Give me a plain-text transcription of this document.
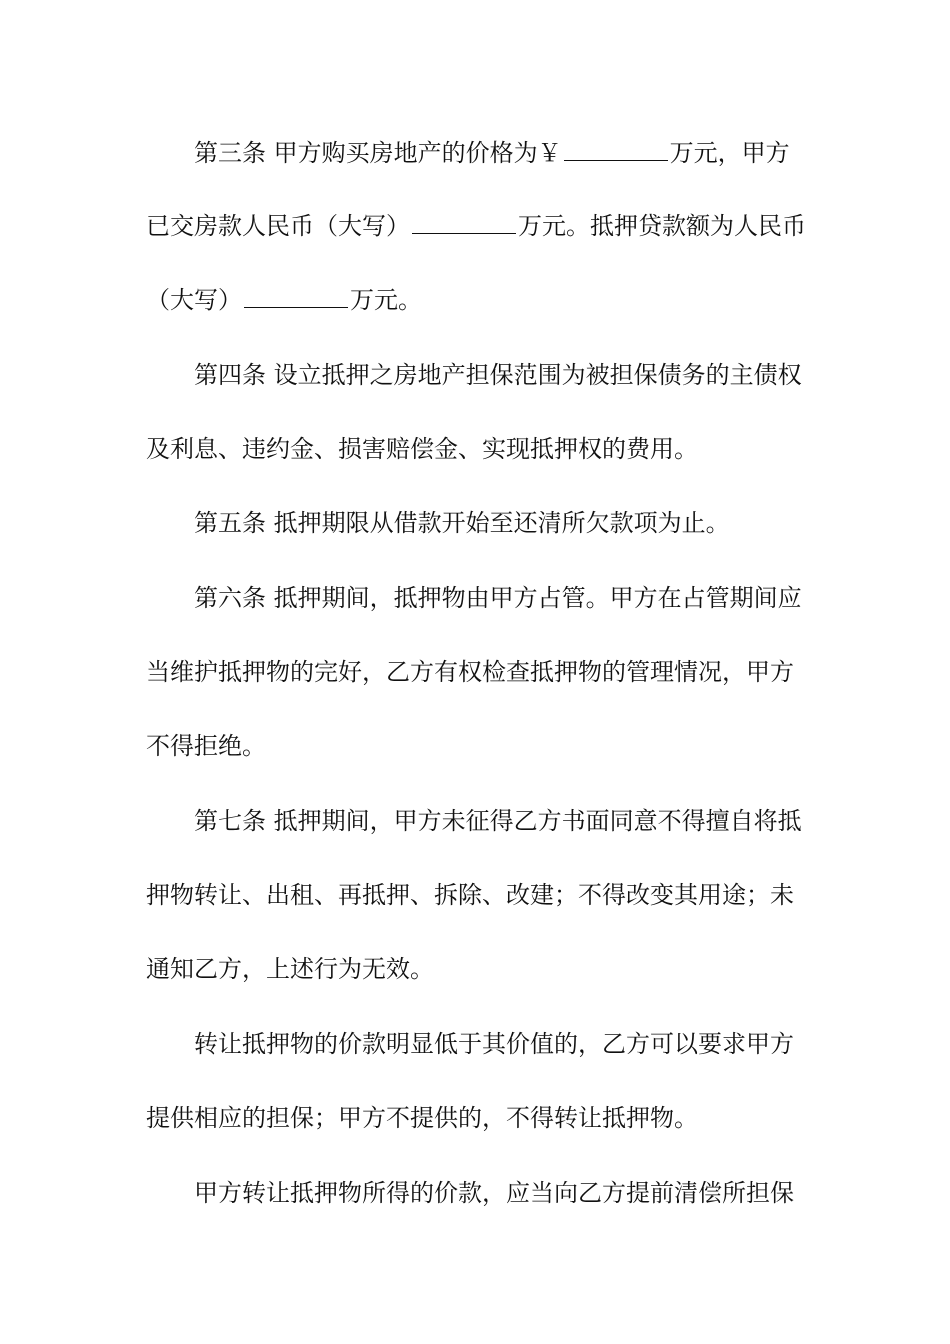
第三条 甲方购买房地产的价格为￥	万元，甲方
已交房款人民币（大写）	万元。抵押贷款额为人民币
（大写）	万元。
第四条 设立抵押之房地产担保范围为被担保债务的主债权
及利息、违约金、损害赔偿金、实现抵押权的费用。
第五条 抵押期限从借款开始至还清所欠款项为止。
第六条 抵押期间，抵押物由甲方占管。甲方在占管期间应
当维护抵押物的完好，乙方有权检查抵押物的管理情况，甲方
不得拒绝。
第七条 抵押期间，甲方未征得乙方书面同意不得擅自将抵
押物转让、出租、再抵押、拆除、改建；不得改变其用途；未
通知乙方，上述行为无效。
转让抵押物的价款明显低于其价值的，乙方可以要求甲方
提供相应的担保；甲方不提供的，不得转让抵押物。
甲方转让抵押物所得的价款，应当向乙方提前清偿所担保
